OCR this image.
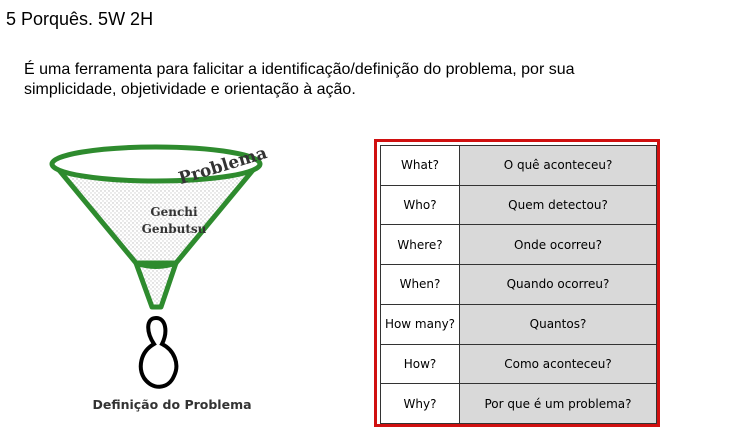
5 Porquês. 5W 2H
É uma ferramenta para falicitar a identificação/definição do problema, por sua simplicidade, objetividade e orientação à ação.
Problema
Genchi
Genbutsu
Definição do Problema
What?	O quê aconteceu?
Who?	Quem detectou?
Where?	Onde ocorreu?
When?	Quando ocorreu?
How many?	Quantos?
How?	Como aconteceu?
Why?	Por que é um problema?
